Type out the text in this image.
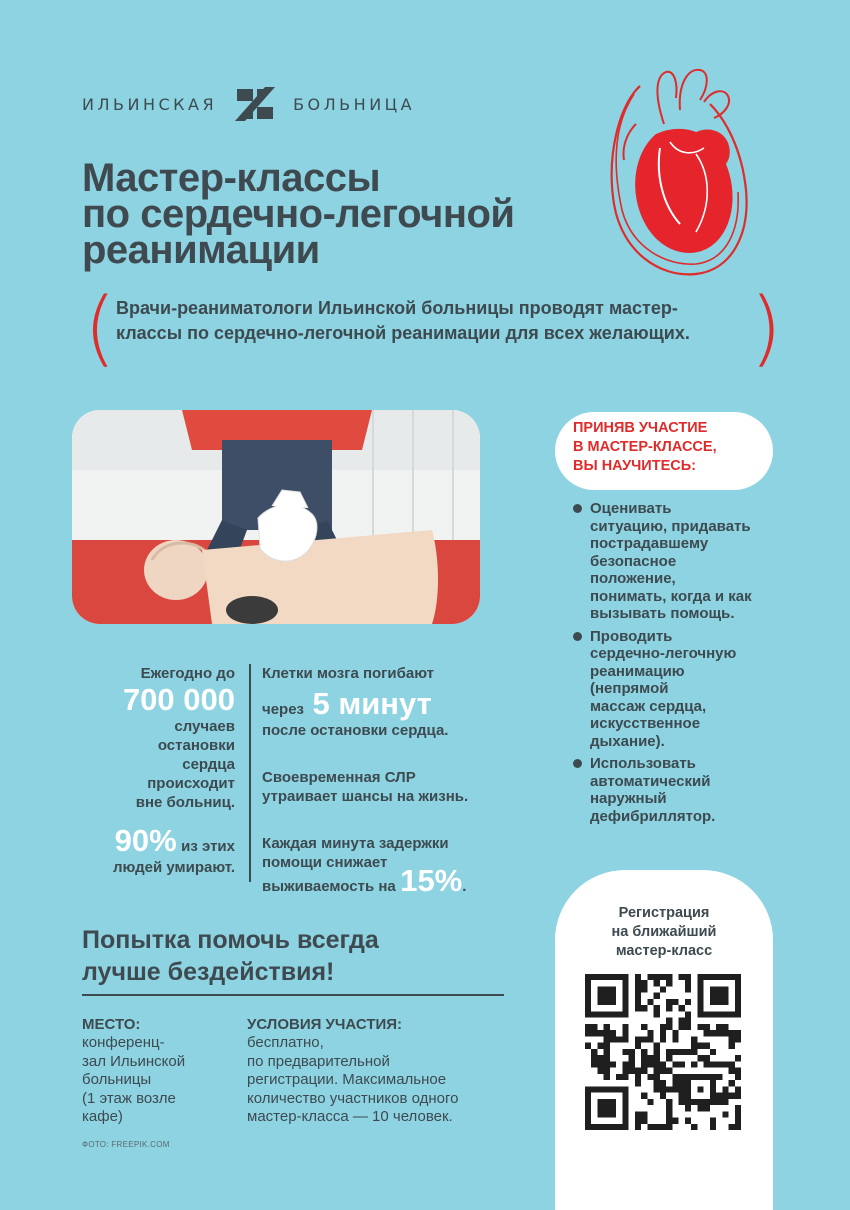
ИЛЬИНСКАЯ	БОЛЬНИЦА
Мастер-классы
по сердечно-легочной
реанимации
( Врачи-реаниматологи Ильинской больницы проводят мастер-классы по сердечно-легочной реанимации для всех желающих. )
Ежегодно до
700 000
случаев
остановки
сердца
происходит
вне больниц.
90% из этих
людей умирают.
Клетки мозга погибают
через 5 минут
после остановки сердца.
Своевременная СЛР
утраивает шансы на жизнь.
Каждая минута задержки
помощи снижает
выживаемость на 15%.
Попытка помочь всегда
лучше бездействия!
МЕСТО:
конференц-
зал Ильинской
больницы
(1 этаж возле
кафе)
УСЛОВИЯ УЧАСТИЯ:
бесплатно,
по предварительной
регистрации. Максимальное
количество участников одного
мастер-класса — 10 человек.
ФОТО: FREEPIK.COM
ПРИНЯВ УЧАСТИЕ
В МАСТЕР-КЛАССЕ,
ВЫ НАУЧИТЕСЬ:
Оценивать
ситуацию, придавать
пострадавшему
безопасное
положение,
понимать, когда и как
вызывать помощь.
Проводить
сердечно-легочную
реанимацию
(непрямой
массаж сердца,
искусственное
дыхание).
Использовать
автоматический
наружный
дефибриллятор.
Регистрация
на ближайший
мастер-класс
